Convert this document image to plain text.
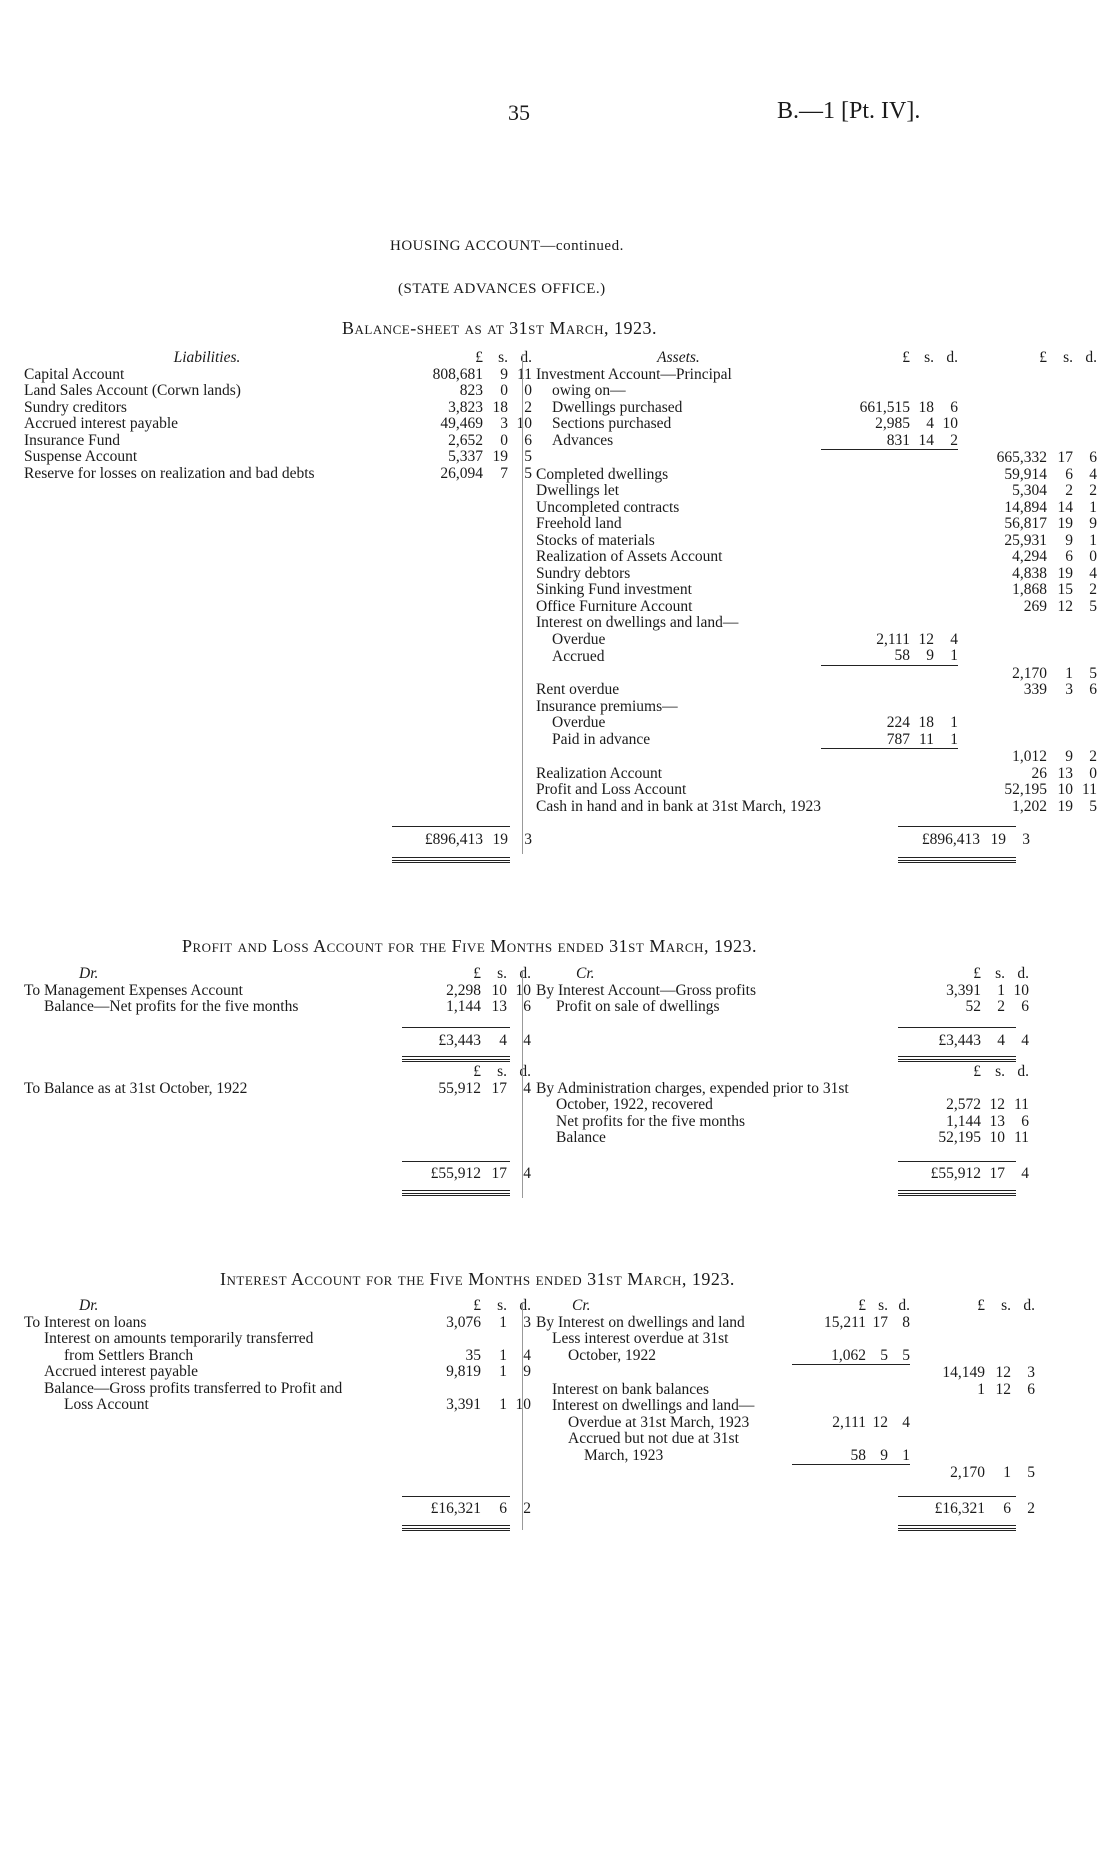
35	B.—1 [Pt. IV].
HOUSING ACCOUNT—continued.
(STATE ADVANCES OFFICE.)
Balance-sheet as at 31st March, 1923.
Liabilities.	£	s.	d.
Capital Account	808,681	9	11
Land Sales Account (Corwn lands)	823	0	0
Sundry creditors	3,823	18	2
Accrued interest payable	49,469	3	10
Insurance Fund	2,652	0	6
Suspense Account	5,337	19	5
Reserve for losses on realization and bad debts	26,094	7	5
	£896,413	19	3
Assets.	£	s.	d.	£	s.	d.
Investment Account—Principal						
owing on—						
Dwellings purchased	661,515	18	6			
Sections purchased	2,985	4	10			
Advances	831	14	2			
				665,332	17	6
Completed dwellings				59,914	6	4
Dwellings let				5,304	2	2
Uncompleted contracts				14,894	14	1
Freehold land				56,817	19	9
Stocks of materials				25,931	9	1
Realization of Assets Account				4,294	6	0
Sundry debtors				4,838	19	4
Sinking Fund investment				1,868	15	2
Office Furniture Account				269	12	5
Interest on dwellings and land—						
Overdue	2,111	12	4			
Accrued	58	9	1			
				2,170	1	5
Rent overdue				339	3	6
Insurance premiums—						
Overdue	224	18	1			
Paid in advance	787	11	1			
				1,012	9	2
Realization Account				26	13	0
Profit and Loss Account				52,195	10	11
Cash in hand and in bank at 31st March, 1923				1,202	19	5
	£896,413	19	3
Profit and Loss Account for the Five Months ended 31st March, 1923.
Dr.	£	s.	d.
To Management Expenses Account	2,298	10	10
Balance—Net profits for the five months	1,144	13	6
	£3,443	4	4
Cr.	£	s.	d.
By Interest Account—Gross profits	3,391	1	10
Profit on sale of dwellings	52	2	6
	£3,443	4	4
	£	s.	d.
To Balance as at 31st October, 1922	55,912	17	4
	£55,912	17	4
	£	s.	d.
By Administration charges, expended prior to 31st			
October, 1922, recovered	2,572	12	11
Net profits for the five months	1,144	13	6
Balance	52,195	10	11
	£55,912	17	4
Interest Account for the Five Months ended 31st March, 1923.
Dr.	£	s.	d.
To Interest on loans	3,076	1	3
Interest on amounts temporarily transferred			
from Settlers Branch	35	1	4
Accrued interest payable	9,819	1	9
Balance—Gross profits transferred to Profit and			
Loss Account	3,391	1	10
	£16,321	6	2
Cr.	£	s.	d.	£	s.	d.
By Interest on dwellings and land	15,211	17	8			
Less interest overdue at 31st						
October, 1922	1,062	5	5			
				14,149	12	3
Interest on bank balances				1	12	6
Interest on dwellings and land—						
Overdue at 31st March, 1923	2,111	12	4			
Accrued but not due at 31st						
March, 1923	58	9	1			
				2,170	1	5
	£16,321	6	2
